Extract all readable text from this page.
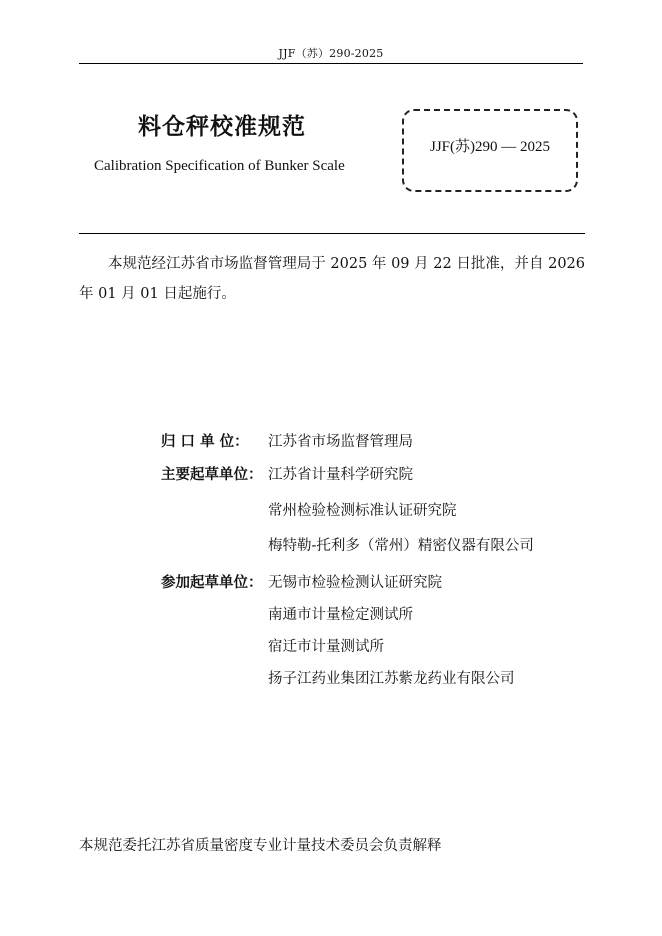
JJF（苏）290-2025
料仓秤校准规范
Calibration Specification of Bunker Scale
JJF(苏)290 — 2025
本规范经江苏省市场监督管理局于 2025 年 09 月 22 日批准，并自 2026 年 01 月 01 日起施行。
归 口 单 位：	江苏省市场监督管理局
主要起草单位： 江苏省计量科学研究院
常州检验检测标准认证研究院
梅特勒-托利多（常州）精密仪器有限公司
参加起草单位： 无锡市检验检测认证研究院
南通市计量检定测试所
宿迁市计量测试所
扬子江药业集团江苏紫龙药业有限公司
本规范委托江苏省质量密度专业计量技术委员会负责解释
